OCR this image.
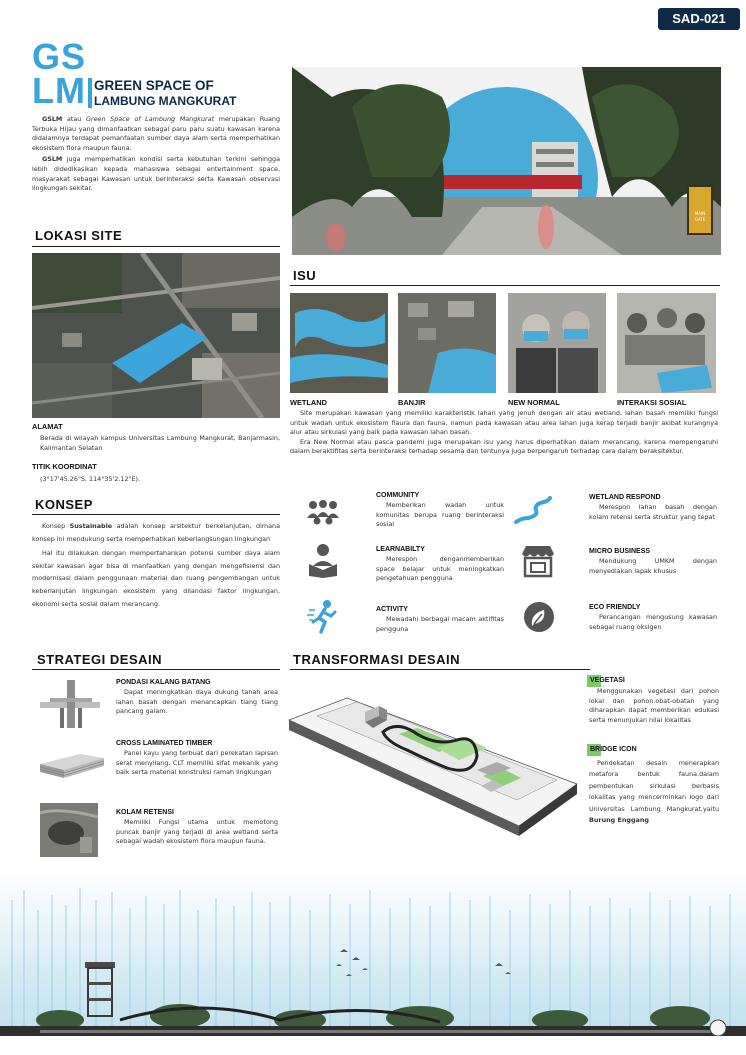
SAD-021
GS
LM GREEN SPACE OF
LAMBUNG MANGKURAT

GSLM atau Green Space of Lambung Mangkurat merupakan Ruang Terbuka Hijau yang dimanfaatkan sebagai paru paru suatu kawasan karena didalamnya terdapat pemanfaatan sumber daya alam serta memperhatikan ekosistem flora maupun fauna.

GSLM juga memperhatikan kondisi serta kebutuhan terkini sehingga lebih didedikasikan kepada mahasiswa sebagai entertainment space, masyarakat sebagai Kawasan untuk berinteraksi serta Kawasan observasi lingkungan sekitar.

MAIN
GATE
LOKASI SITE
ALAMAT
Berada di wilayah kampus Universitas Lambung Mangkurat, Banjarmasin, Kalimantan Selatan
TITIK KOORDINAT
(3°17'45.26"S, 114°35'2.12"E).
ISU
WETLAND	BANJIR	NEW NORMAL	INTERAKSI SOSIAL

Site merupakan kawasan yang memiliki karakteristik lahan yang jenuh dengan air atau wetland, lahan basah memiliki fungsi untuk wadah untuk ekosistem flaura dan fauna, namun pada kawasan atau area lahan juga kerap terjadi banjir akibat kurangnya alur atau sirkulasi yang baik pada kawasan lahan basah.

Era New Normal atau pasca pandemi juga merupakan isu yang harus diperhatikan dalam merancang, karena mempengaruhi dalam beraktifitas serta berinteraksi terhadap sesama dan tentunya juga berpengaruh terhadap cara dalam beraksitektur.

KONSEP

Konsep Sustainable adalah konsep arsitektur berkelanjutan, dimana konsep ini mendukung serta memperhatikan keberlangsungan lingkungan

Hal itu dilakukan dengan mempertahankan potensi sumber daya alam sekitar kawasan agar bisa di manfaatkan yang dengan mengefisiensi dan modernisasi dalam penggunaan material dan ruang pengembangan untuk keberlanjutan lingkungan ekosistem yang dilandasi faktor lingkungan, ekonomi serta sosial dalam merancang.

COMMUNITY
Memberikan wadah untuk komunitas berupa ruang berinteraksi sosial
WETLAND RESPOND
Merespon lahan basah dengan kolam retensi serta struktur yang tepat
LEARNABILTY
Merespon denganmemberikan space belajar untuk meningkatkan pengetahuan pengguna
MICRO BUSINESS
Mendukung UMKM dengan menyediakan lapak khusus
ACTIVITY
Mewadahi berbagai macam aktifitas pengguna
ECO FRIENDLY
Perancangan mengusung kawasan sebagai ruang oksigen
STRATEGI DESAIN
PONDASI KALANG BATANG
Dapat meningkatkan daya dukung tanah area lahan basah dengan menancapkan tiang tiang pancang galam.
CROSS LAMINATED TIMBER
Panel kayu yang terbuat dari perekatan lapisan serat menyilang. CLT memiliki sifat mekanik yang baik serta material konstruksi ramah lingkungan
KOLAM RETENSI
Memiliki Fungsi utama untuk memotong puncak banjir yang terjadi di area wetland serta sebagai wadah ekosistem flora maupun fauna.
TRANSFORMASI DESAIN
VEGETASI
Menggunakan vegetasi dari pohon lokal dan pohon.obat-obatan yang diharapkan dapat memberikan edukasi serta menunjukan nilai lokalitas
BRIDGE ICON
Pendekatan desain menerapkan metafora bentuk fauna.dalam pembentukan sirkulasi berbasis lokalitas yang mencerminkan logo dari Universitas Lambung Mangkurat,yaitu Burung Enggang
